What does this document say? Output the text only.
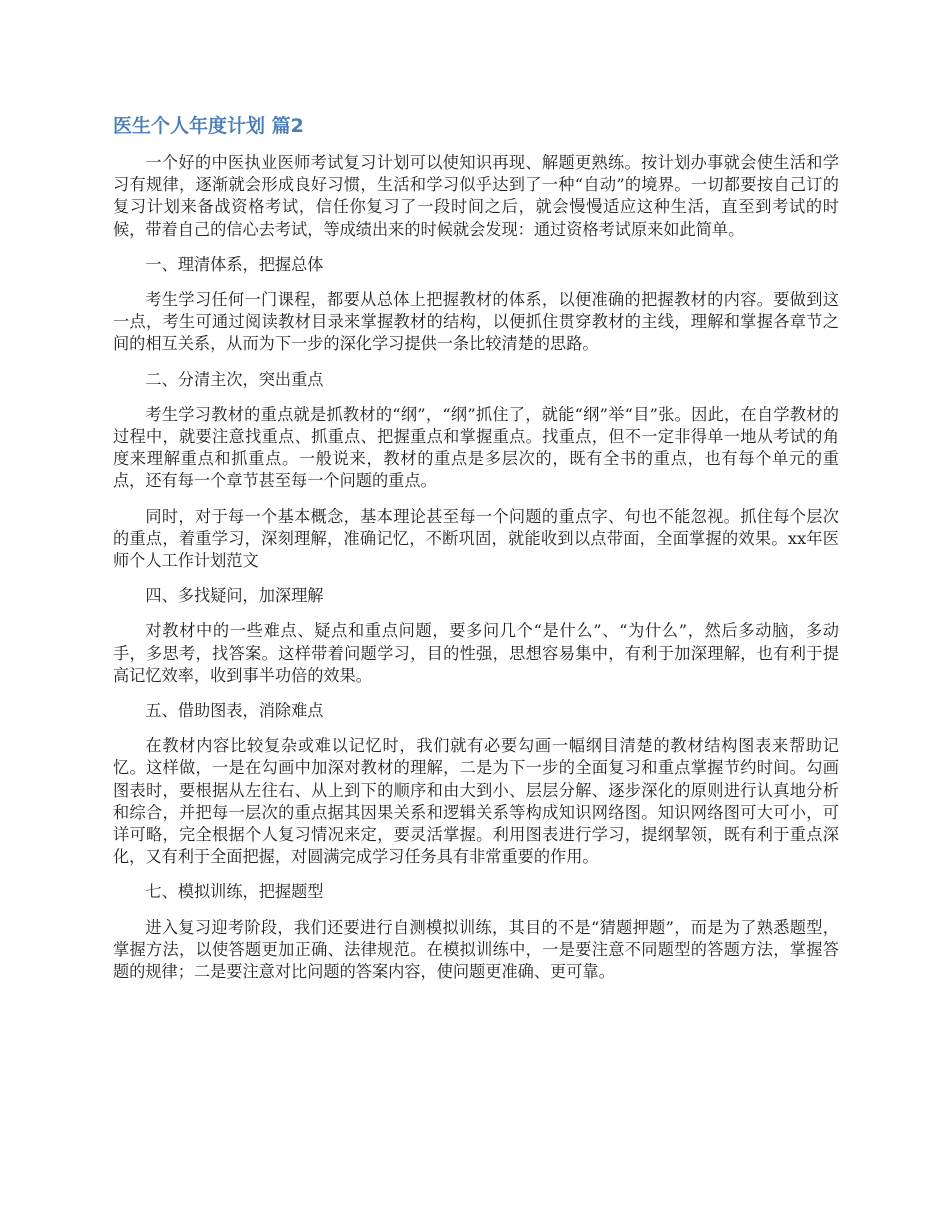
医生个人年度计划 篇2

一个好的中医执业医师考试复习计划可以使知识再现、解题更熟练。按计划办事就会使生活和学习有规律，逐渐就会形成良好习惯，生活和学习似乎达到了一种“自动”的境界。一切都要按自己订的复习计划来备战资格考试，信任你复习了一段时间之后，就会慢慢适应这种生活，直至到考试的时候，带着自己的信心去考试，等成绩出来的时候就会发现：通过资格考试原来如此简单。

一、理清体系，把握总体

考生学习任何一门课程，都要从总体上把握教材的体系，以便准确的把握教材的内容。要做到这一点，考生可通过阅读教材目录来掌握教材的结构，以便抓住贯穿教材的主线，理解和掌握各章节之间的相互关系，从而为下一步的深化学习提供一条比较清楚的思路。

二、分清主次，突出重点

考生学习教材的重点就是抓教材的“纲”，“纲”抓住了，就能“纲”举“目”张。因此，在自学教材的过程中，就要注意找重点、抓重点、把握重点和掌握重点。找重点，但不一定非得单一地从考试的角度来理解重点和抓重点。一般说来，教材的重点是多层次的，既有全书的重点，也有每个单元的重点，还有每一个章节甚至每一个问题的重点。

同时，对于每一个基本概念，基本理论甚至每一个问题的重点字、句也不能忽视。抓住每个层次的重点，着重学习，深刻理解，准确记忆，不断巩固，就能收到以点带面，全面掌握的效果。xx年医师个人工作计划范文

四、多找疑问，加深理解

对教材中的一些难点、疑点和重点问题，要多问几个“是什么”、“为什么”，然后多动脑，多动手，多思考，找答案。这样带着问题学习，目的性强，思想容易集中，有利于加深理解，也有利于提高记忆效率，收到事半功倍的效果。

五、借助图表，消除难点

在教材内容比较复杂或难以记忆时，我们就有必要勾画一幅纲目清楚的教材结构图表来帮助记忆。这样做，一是在勾画中加深对教材的理解，二是为下一步的全面复习和重点掌握节约时间。勾画图表时，要根据从左往右、从上到下的顺序和由大到小、层层分解、逐步深化的原则进行认真地分析和综合，并把每一层次的重点据其因果关系和逻辑关系等构成知识网络图。知识网络图可大可小，可详可略，完全根据个人复习情况来定，要灵活掌握。利用图表进行学习，提纲挈领，既有利于重点深化，又有利于全面把握，对圆满完成学习任务具有非常重要的作用。

七、模拟训练，把握题型

进入复习迎考阶段，我们还要进行自测模拟训练，其目的不是“猜题押题”，而是为了熟悉题型，掌握方法，以使答题更加正确、法律规范。在模拟训练中，一是要注意不同题型的答题方法，掌握答题的规律；二是要注意对比问题的答案内容，使问题更准确、更可靠。
